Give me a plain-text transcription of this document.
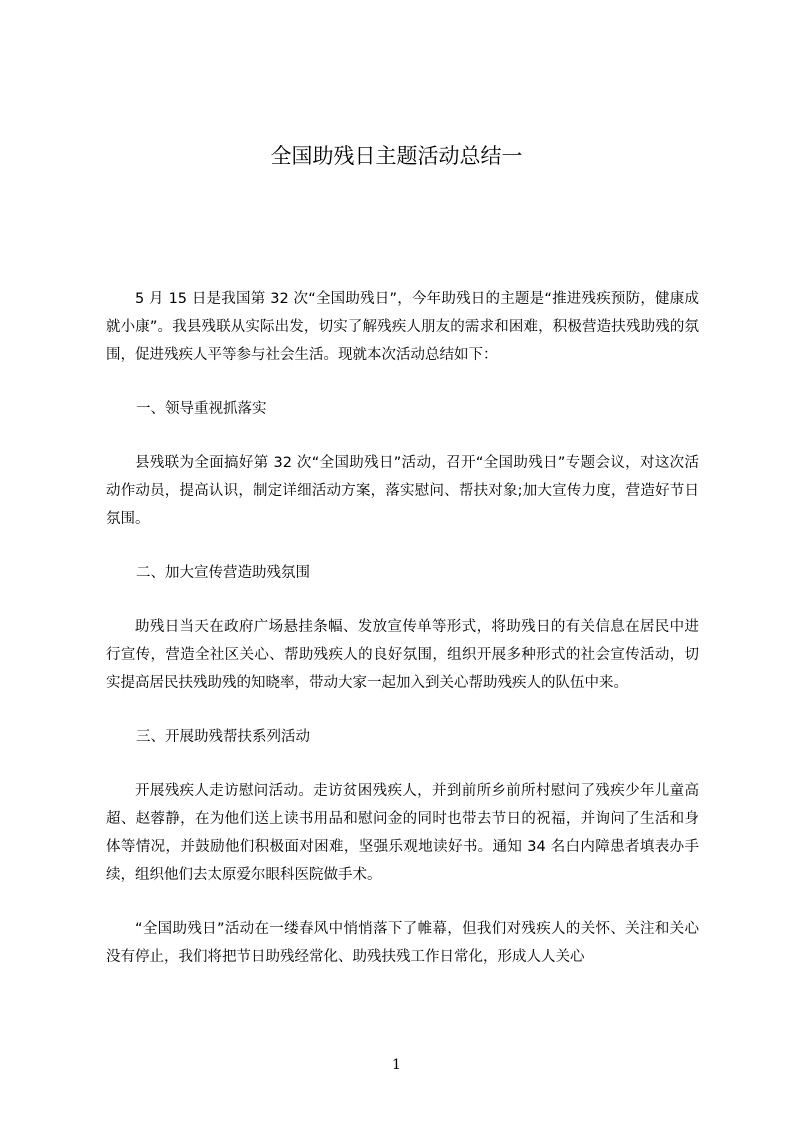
全国助残日主题活动总结一

5 月 15 日是我国第 32 次“全国助残日”，今年助残日的主题是“推进残疾预防，健康成就小康”。我县残联从实际出发，切实了解残疾人朋友的需求和困难，积极营造扶残助残的氛围，促进残疾人平等参与社会生活。现就本次活动总结如下：

一、领导重视抓落实

县残联为全面搞好第 32 次“全国助残日”活动，召开“全国助残日”专题会议，对这次活动作动员，提高认识，制定详细活动方案，落实慰问、帮扶对象;加大宣传力度，营造好节日氛围。

二、加大宣传营造助残氛围

助残日当天在政府广场悬挂条幅、发放宣传单等形式，将助残日的有关信息在居民中进行宣传，营造全社区关心、帮助残疾人的良好氛围，组织开展多种形式的社会宣传活动，切实提高居民扶残助残的知晓率，带动大家一起加入到关心帮助残疾人的队伍中来。

三、开展助残帮扶系列活动

开展残疾人走访慰问活动。走访贫困残疾人，并到前所乡前所村慰问了残疾少年儿童高超、赵蓉静，在为他们送上读书用品和慰问金的同时也带去节日的祝福，并询问了生活和身体等情况，并鼓励他们积极面对困难，坚强乐观地读好书。通知 34 名白内障患者填表办手续，组织他们去太原爱尔眼科医院做手术。

“全国助残日”活动在一缕春风中悄悄落下了帷幕，但我们对残疾人的关怀、关注和关心没有停止，我们将把节日助残经常化、助残扶残工作日常化，形成人人关心

1
